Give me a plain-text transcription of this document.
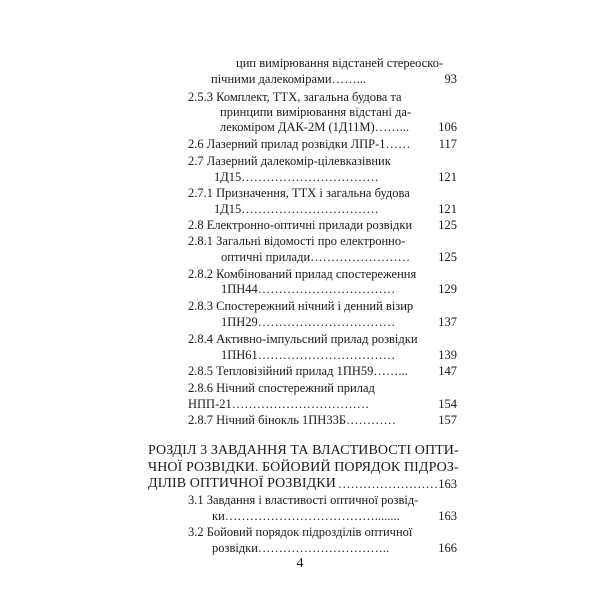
цип вимірювання відстаней стереоско-
пічними далекомірами……...	93
2.5.3 Комплект, ТТХ, загальна будова та
принципи вимірювання відстані да-
лекоміром ДАК-2М (1Д11М)……... 106
2.6 Лазерний прилад розвідки ЛПР-1…… 117
2.7 Лазерний далекомір-цілевказівник
1Д15……………………………	121
2.7.1 Призначення, ТТХ і загальна будова
1Д15……………………………	121
2.8 Електронно-оптичні прилади розвідки 125
2.8.1 Загальні відомості про електронно-
оптичні прилади…………………… 125
2.8.2 Комбінований прилад спостереження
1ПН44……………………………	129
2.8.3 Спостережний нічний і денний візир
1ПН29……………………………	137
2.8.4 Активно-імпульсний прилад розвідки
1ПН61……………………………	139
2.8.5 Тепловізійний прилад 1ПН59……... 147
2.8.6 Нічний спостережний прилад
НПП-21……………………………	154
2.8.7 Нічний бінокль 1ПН33Б…………	157
РОЗДІЛ 3 ЗАВДАННЯ ТА ВЛАСТИВОСТІ ОПТИ-
ЧНОЇ РОЗВІДКИ. БОЙОВИЙ ПОРЯДОК ПІДРОЗ-
ДІЛІВ ОПТИЧНОЇ РОЗВІДКИ …………………… 163
3.1 Завдання і властивості оптичної розвід-
ки………………………………........	163
3.2 Бойовий порядок підрозділів оптичної
розвідки…………………………..	166
4
